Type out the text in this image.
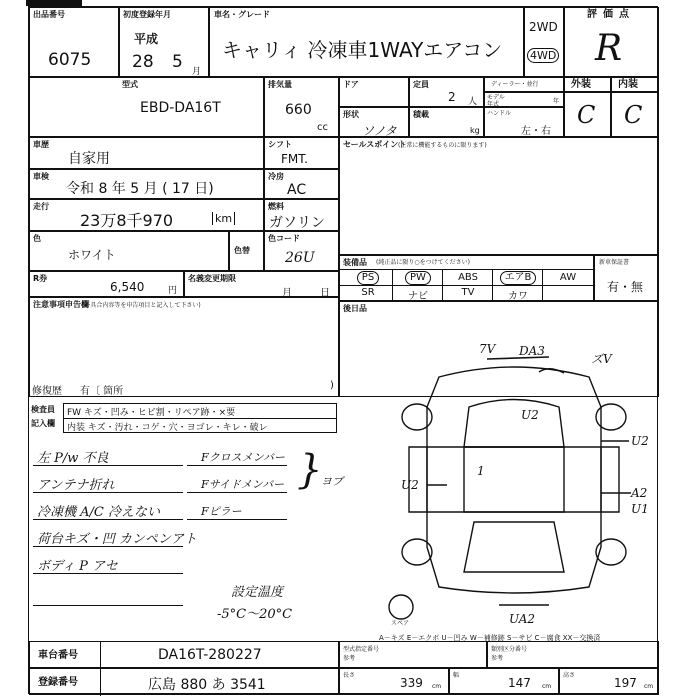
出品番号
6075
初度登録年月
平成
28 5 月
車名・グレード
キャリィ 冷凍車1WAYエアコン
2WD
4WD
評価点
R
型式
EBD-DA16T
排気量
660
cc
ドア	定員
2 人
ディーラー・並行
モデル年式	年
形状
ソノタ
積載
kg
ハンドル
左・右
外装	内装
C C
車歴
自家用
シフト
FMT.
車検
令和 8 年 5 月 ( 17 日)
冷房
AC
走行
23万8千970	km
燃料
ガソリン
色
ホワイト	色替
色コード
26U
R券
6,540	円
名義変更期限
月	日
注意事項申告欄
(不具合内容等を申告項目と記入して下さい)
修復歴 有〔 箇所
)
セールスポイント
(正常に機能するものに限ります)
装備品 (純正品に限り○をつけてください)
PS	PW	ABS	エアB	AW
SR	ナビ	TV	カワ
新車保証書
有・無
後日品
検査員
記入欄
FW キズ・凹み・ヒビ割・リペア跡・×要
内装 キズ・汚れ・コゲ・穴・ヨゴレ・キレ・破レ
左 P/w 不良
アンテナ折れ
冷凍機 A/C 冷えない
荷台キズ・凹 カンペンアト
ボディ P アセ
Fクロスメンバー
Fサイドメンバー
Fピラー
}
ヨブ
設定温度
-5°C～20°C
7V DA3
ズV
U2
U2
U2
A2
U1
UA2
1
スペア
A－キズ E－エクボ U－凹み W－補修跡 S－サビ C－腐食 XX－交換済
車台番号	DA16T-280227
登録番号	広島 880 あ 3541
型式指定番号
参考
類別区分番号
参考
長さ
339 cm
幅
147 cm
高さ
197 cm
